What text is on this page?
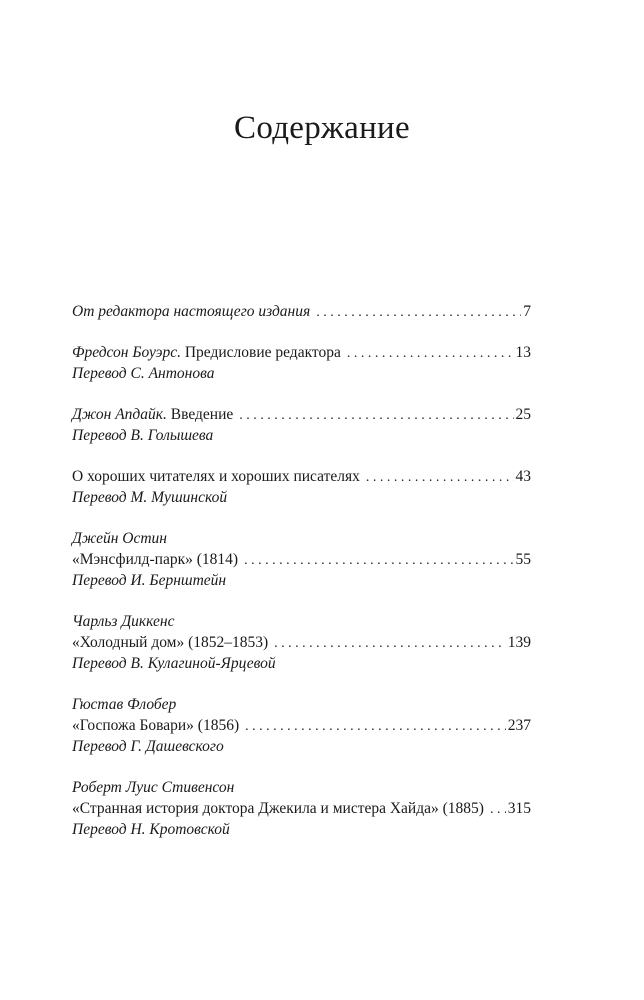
Содержание
От редактора настоящего издания . . .	7
Фредсон Боуэрс. Предисловие редактора . . .	13
Перевод С. Антонова
Джон Апдайк. Введение . . .	25
Перевод В. Голышева
О хороших читателях и хороших писателях . . .	43
Перевод М. Мушинской
Джейн Остин
«Мэнсфилд-парк» (1814) . . .	55
Перевод И. Бернштейн
Чарльз Диккенс
«Холодный дом» (1852–1853) . . .	139
Перевод В. Кулагиной-Ярцевой
Гюстав Флобер
«Госпожа Бовари» (1856) . . .	237
Перевод Г. Дашевского
Роберт Луис Стивенсон
«Странная история доктора Джекила и мистера Хайда» (1885) . . . 315
Перевод Н. Кротовской
